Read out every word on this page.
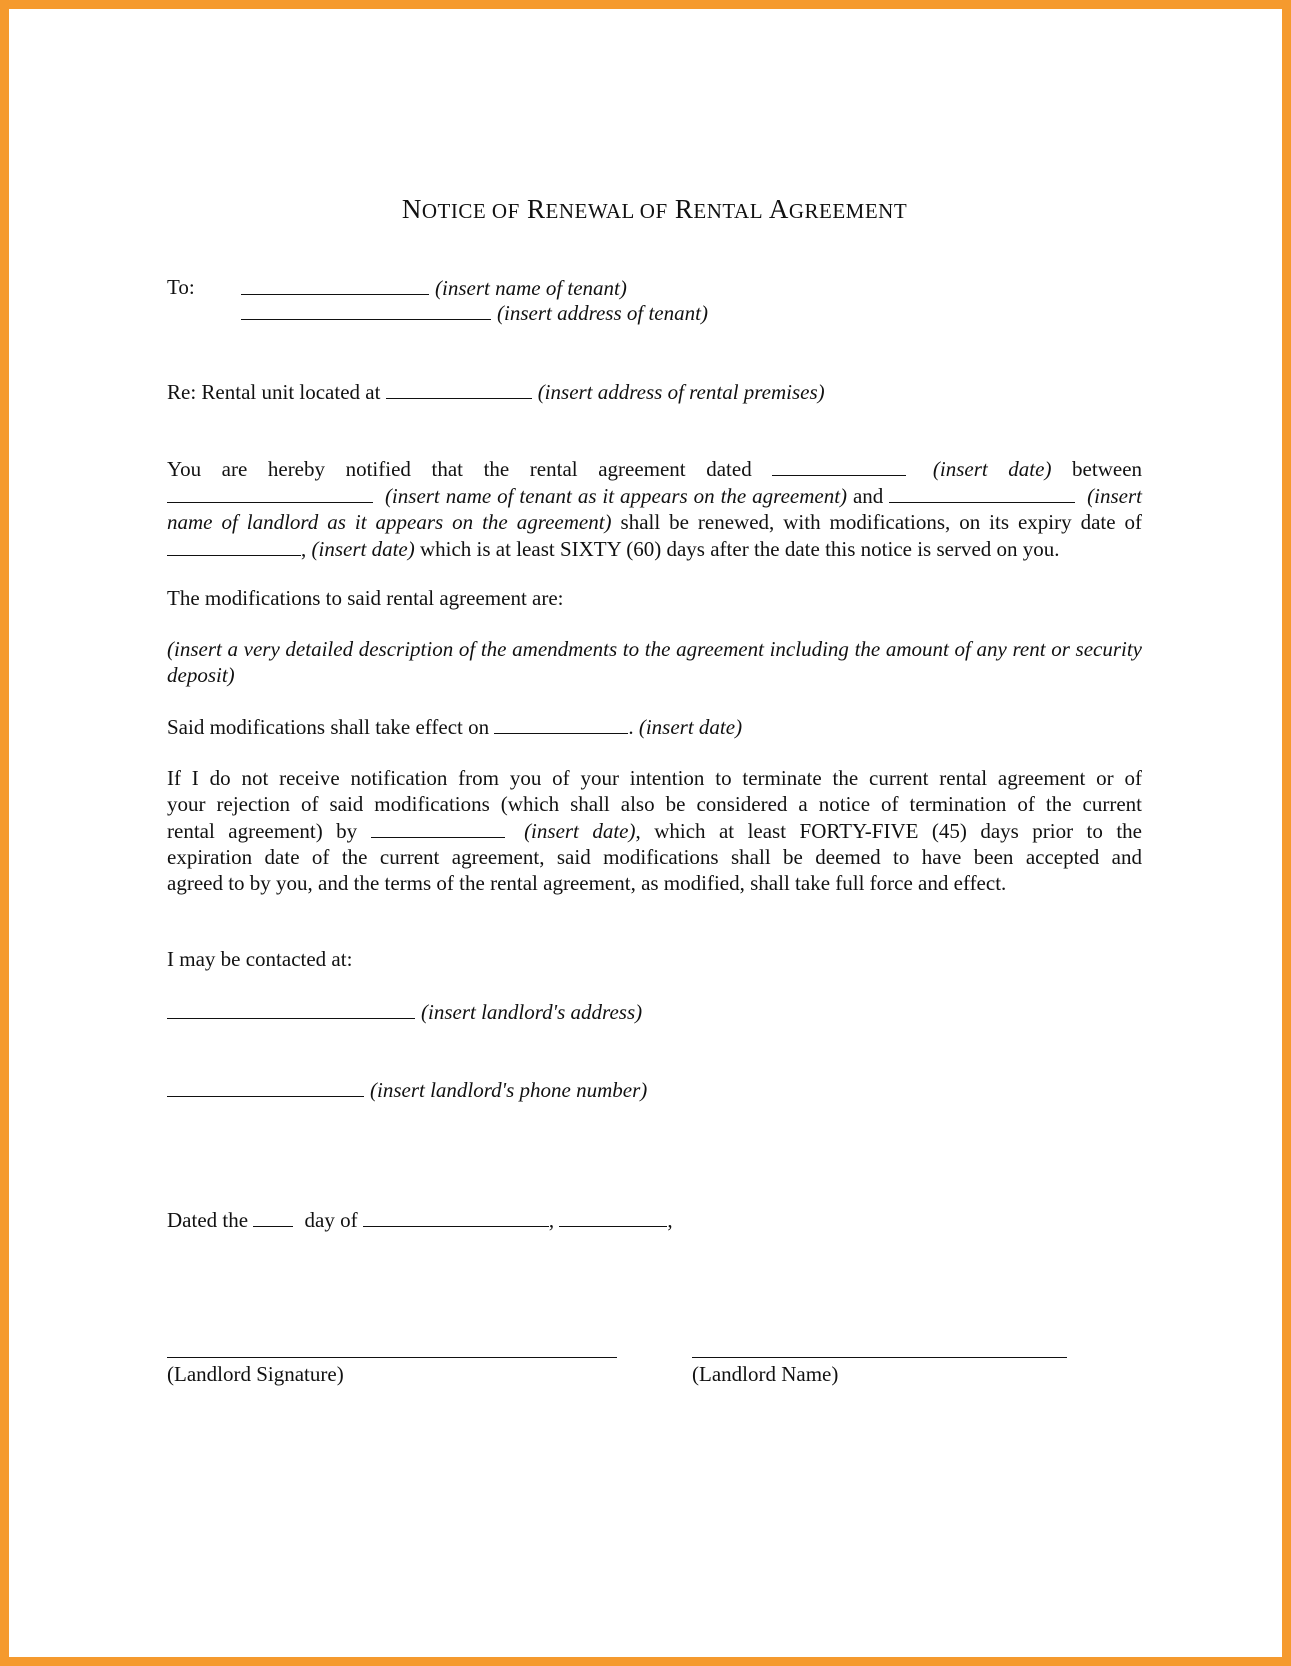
NOTICE OF RENEWAL OF RENTAL AGREEMENT
To:	(insert name of tenant)
(insert address of tenant)
Re: Rental unit located at	(insert address of rental premises)
You are hereby notified that the rental agreement dated	(insert date) between
(insert name of tenant as it appears on the agreement) and	(insert
name of landlord as it appears on the agreement) shall be renewed, with modifications, on its expiry date of
, (insert date) which is at least SIXTY (60) days after the date this notice is served on you.
The modifications to said rental agreement are:
(insert a very detailed description of the amendments to the agreement including the amount of any rent or security
deposit)
Said modifications shall take effect on	. (insert date)
If I do not receive notification from you of your intention to terminate the current rental agreement or of
your rejection of said modifications (which shall also be considered a notice of termination of the current
rental agreement) by	(insert date), which at least FORTY-FIVE (45) days prior to the
expiration date of the current agreement, said modifications shall be deemed to have been accepted and
agreed to by you, and the terms of the rental agreement, as modified, shall take full force and effect.
I may be contacted at:
(insert landlord's address)
(insert landlord's phone number)
Dated the	day of	,	,
(Landlord Signature)	(Landlord Name)
